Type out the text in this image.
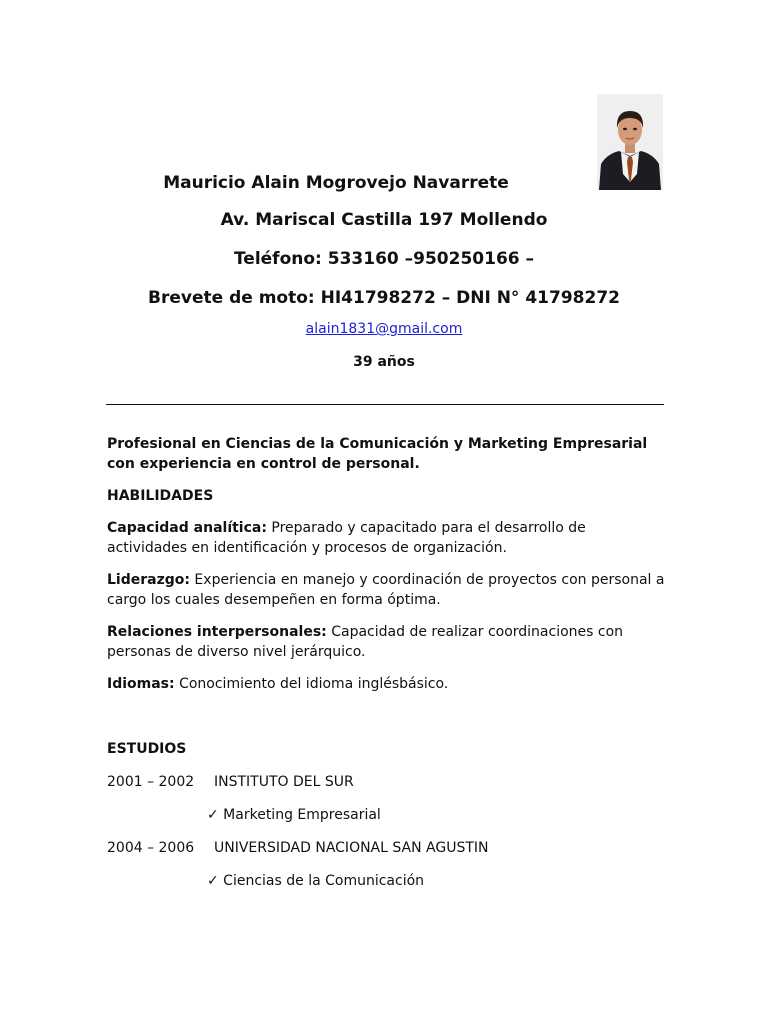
Mauricio Alain Mogrovejo Navarrete
Av. Mariscal Castilla 197 Mollendo
Teléfono: 533160 –950250166 –
Brevete de moto: HI41798272 – DNI N° 41798272
alain1831@gmail.com
39 años
Profesional en Ciencias de la Comunicación y Marketing Empresarial con experiencia en control de personal.
HABILIDADES
Capacidad analítica: Preparado y capacitado para el desarrollo de actividades en identificación y procesos de organización.
Liderazgo: Experiencia en manejo y coordinación de proyectos con personal a cargo los cuales desempeñen en forma óptima.
Relaciones interpersonales: Capacidad de realizar coordinaciones con personas de diverso nivel jerárquico.
Idiomas: Conocimiento del idioma inglésbásico.
ESTUDIOS
2001 – 2002 INSTITUTO DEL SUR
✓ Marketing Empresarial
2004 – 2006 UNIVERSIDAD NACIONAL SAN AGUSTIN
✓ Ciencias de la Comunicación
